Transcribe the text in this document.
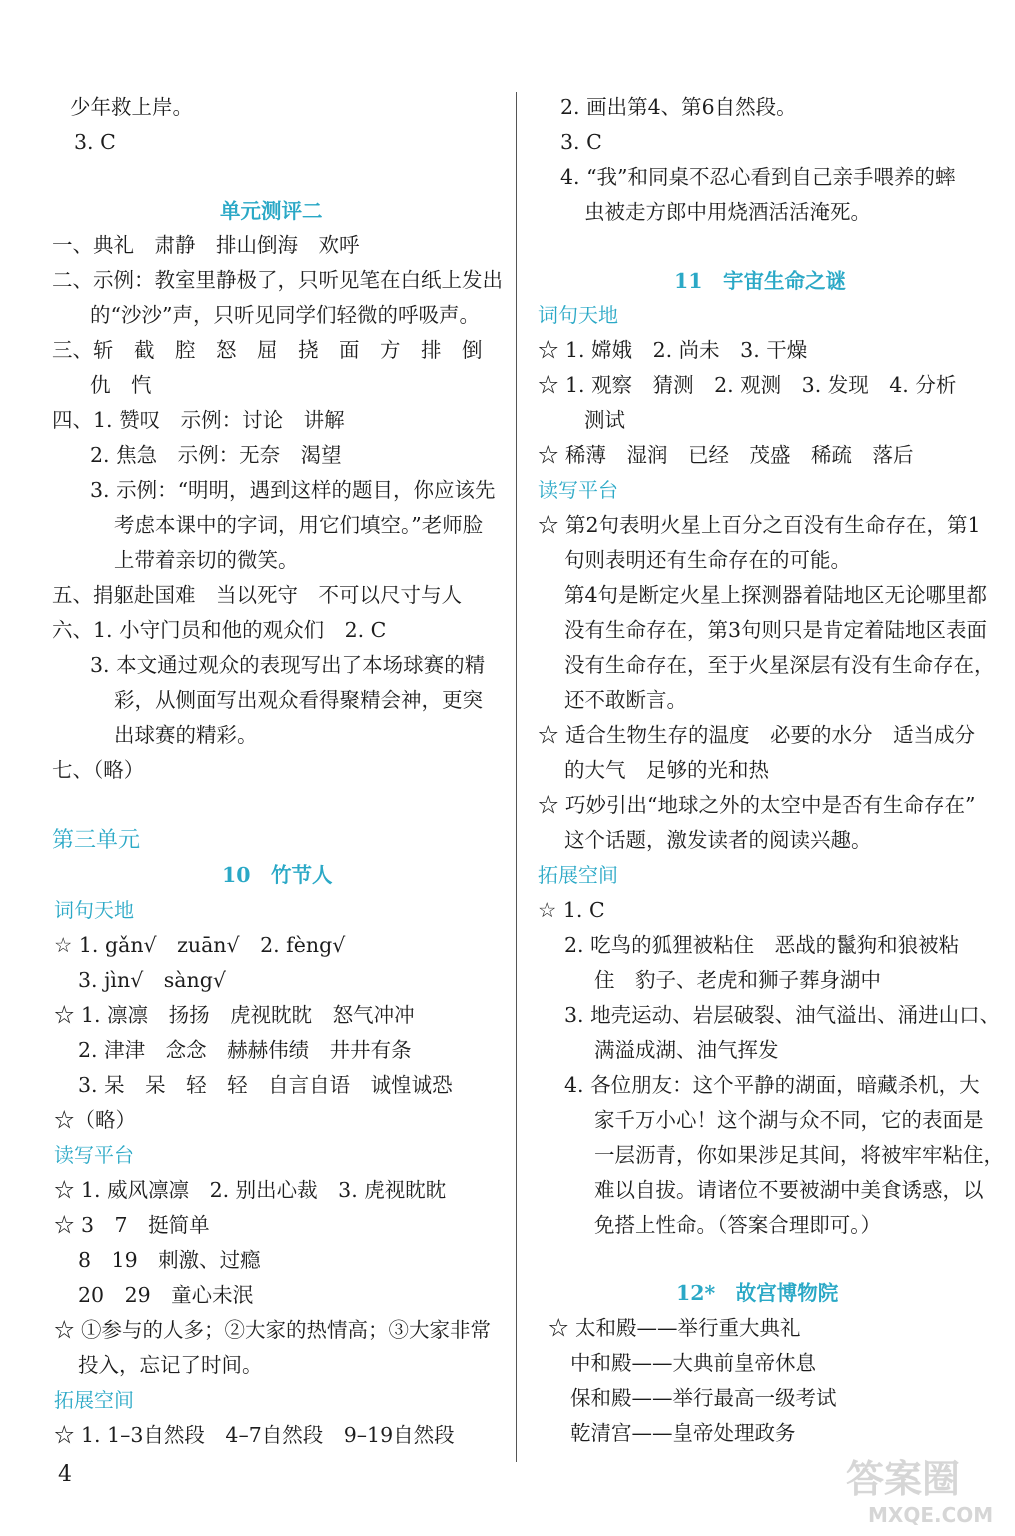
少年救上岸。
3. C
单元测评二
一、典礼　肃静　排山倒海　欢呼
二、示例：教室里静极了，只听见笔在白纸上发出
的“沙沙”声，只听见同学们轻微的呼吸声。
三、斩　截　腔　怒　屈　挠　面　方　排　倒
仇　忾
四、1. 赞叹　示例：讨论　讲解
2. 焦急　示例：无奈　渴望
3. 示例：“明明，遇到这样的题目，你应该先
考虑本课中的字词，用它们填空。”老师脸
上带着亲切的微笑。
五、捐躯赴国难　当以死守　不可以尺寸与人
六、1. 小守门员和他的观众们　2. C
3. 本文通过观众的表现写出了本场球赛的精
彩，从侧面写出观众看得聚精会神，更突
出球赛的精彩。
七、（略）
第三单元
10　竹节人
词句天地
☆ 1. gǎn√　zuān√　2. fèng√
3. jìn√　sàng√
☆ 1. 凛凛　扬扬　虎视眈眈　怒气冲冲
2. 津津　念念　赫赫伟绩　井井有条
3. 呆　呆　轻　轻　自言自语　诚惶诚恐
☆（略）
读写平台
☆ 1. 威风凛凛　2. 别出心裁　3. 虎视眈眈
☆ 3　7　挺简单
8　19　刺激、过瘾
20　29　童心未泯
☆ ①参与的人多；②大家的热情高；③大家非常
投入，忘记了时间。
拓展空间
☆ 1. 1–3自然段　4–7自然段　9–19自然段
2. 画出第4、第6自然段。
3. C
4. “我”和同桌不忍心看到自己亲手喂养的蟀
虫被走方郎中用烧酒活活淹死。
11　宇宙生命之谜
词句天地
☆ 1. 嫦娥　2. 尚未　3. 干燥
☆ 1. 观察　猜测　2. 观测　3. 发现　4. 分析
测试
☆ 稀薄　湿润　已经　茂盛　稀疏　落后
读写平台
☆ 第2句表明火星上百分之百没有生命存在，第1
句则表明还有生命存在的可能。
第4句是断定火星上探测器着陆地区无论哪里都
没有生命存在，第3句则只是肯定着陆地区表面
没有生命存在，至于火星深层有没有生命存在，
还不敢断言。
☆ 适合生物生存的温度　必要的水分　适当成分
的大气　足够的光和热
☆ 巧妙引出“地球之外的太空中是否有生命存在”
这个话题，激发读者的阅读兴趣。
拓展空间
☆ 1. C
2. 吃鸟的狐狸被粘住　恶战的鬣狗和狼被粘
住　豹子、老虎和狮子葬身湖中
3. 地壳运动、岩层破裂、油气溢出、涌进山口、
满溢成湖、油气挥发
4. 各位朋友：这个平静的湖面，暗藏杀机，大
家千万小心！这个湖与众不同，它的表面是
一层沥青，你如果涉足其间，将被牢牢粘住，
难以自拔。请诸位不要被湖中美食诱惑，以
免搭上性命。（答案合理即可。）
12*　故宫博物院
☆ 太和殿——举行重大典礼
中和殿——大典前皇帝休息
保和殿——举行最高一级考试
乾清宫——皇帝处理政务
4	答案圈
MXQE.COM
